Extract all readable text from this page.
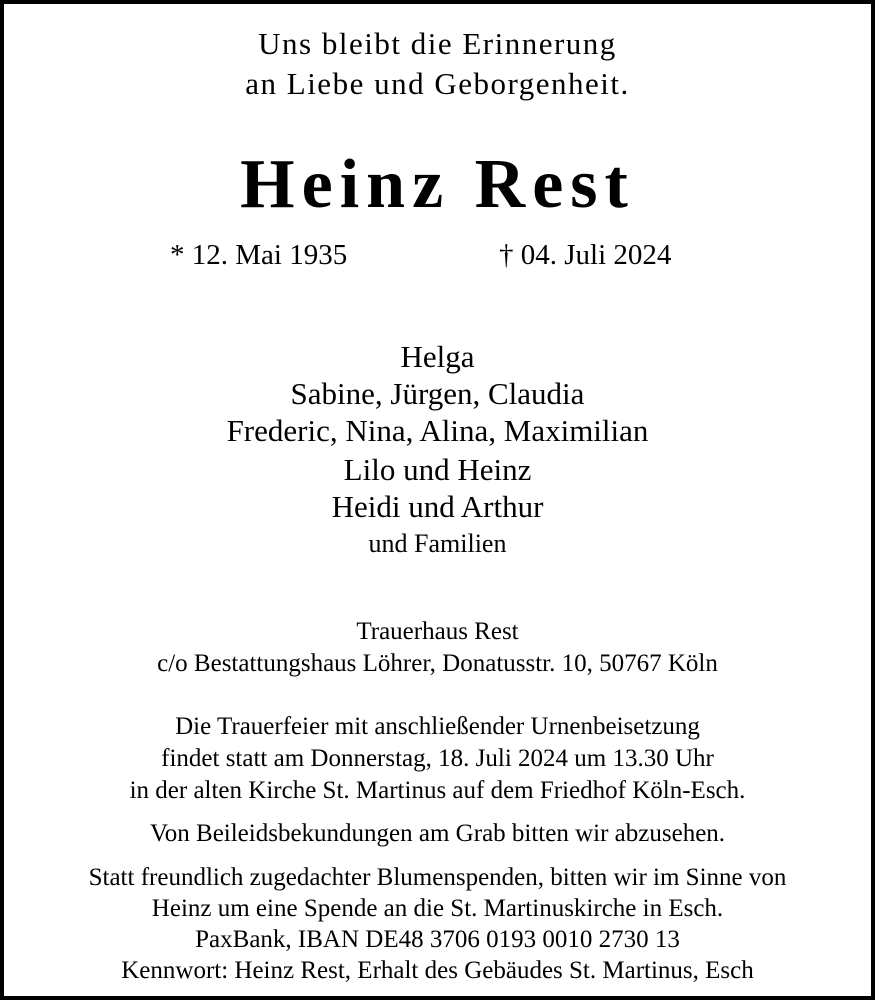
Uns bleibt die Erinnerung
an Liebe und Geborgenheit.
Heinz Rest
* 12. Mai 1935	† 04. Juli 2024
Helga
Sabine, Jürgen, Claudia
Frederic, Nina, Alina, Maximilian
Lilo und Heinz
Heidi und Arthur
und Familien
Trauerhaus Rest
c/o Bestattungshaus Löhrer, Donatusstr. 10, 50767 Köln
Die Trauerfeier mit anschließender Urnenbeisetzung
findet statt am Donnerstag, 18. Juli 2024 um 13.30 Uhr
in der alten Kirche St. Martinus auf dem Friedhof Köln-Esch.
Von Beileidsbekundungen am Grab bitten wir abzusehen.
Statt freundlich zugedachter Blumenspenden, bitten wir im Sinne von
Heinz um eine Spende an die St. Martinuskirche in Esch.
PaxBank, IBAN DE48 3706 0193 0010 2730 13
Kennwort: Heinz Rest, Erhalt des Gebäudes St. Martinus, Esch
